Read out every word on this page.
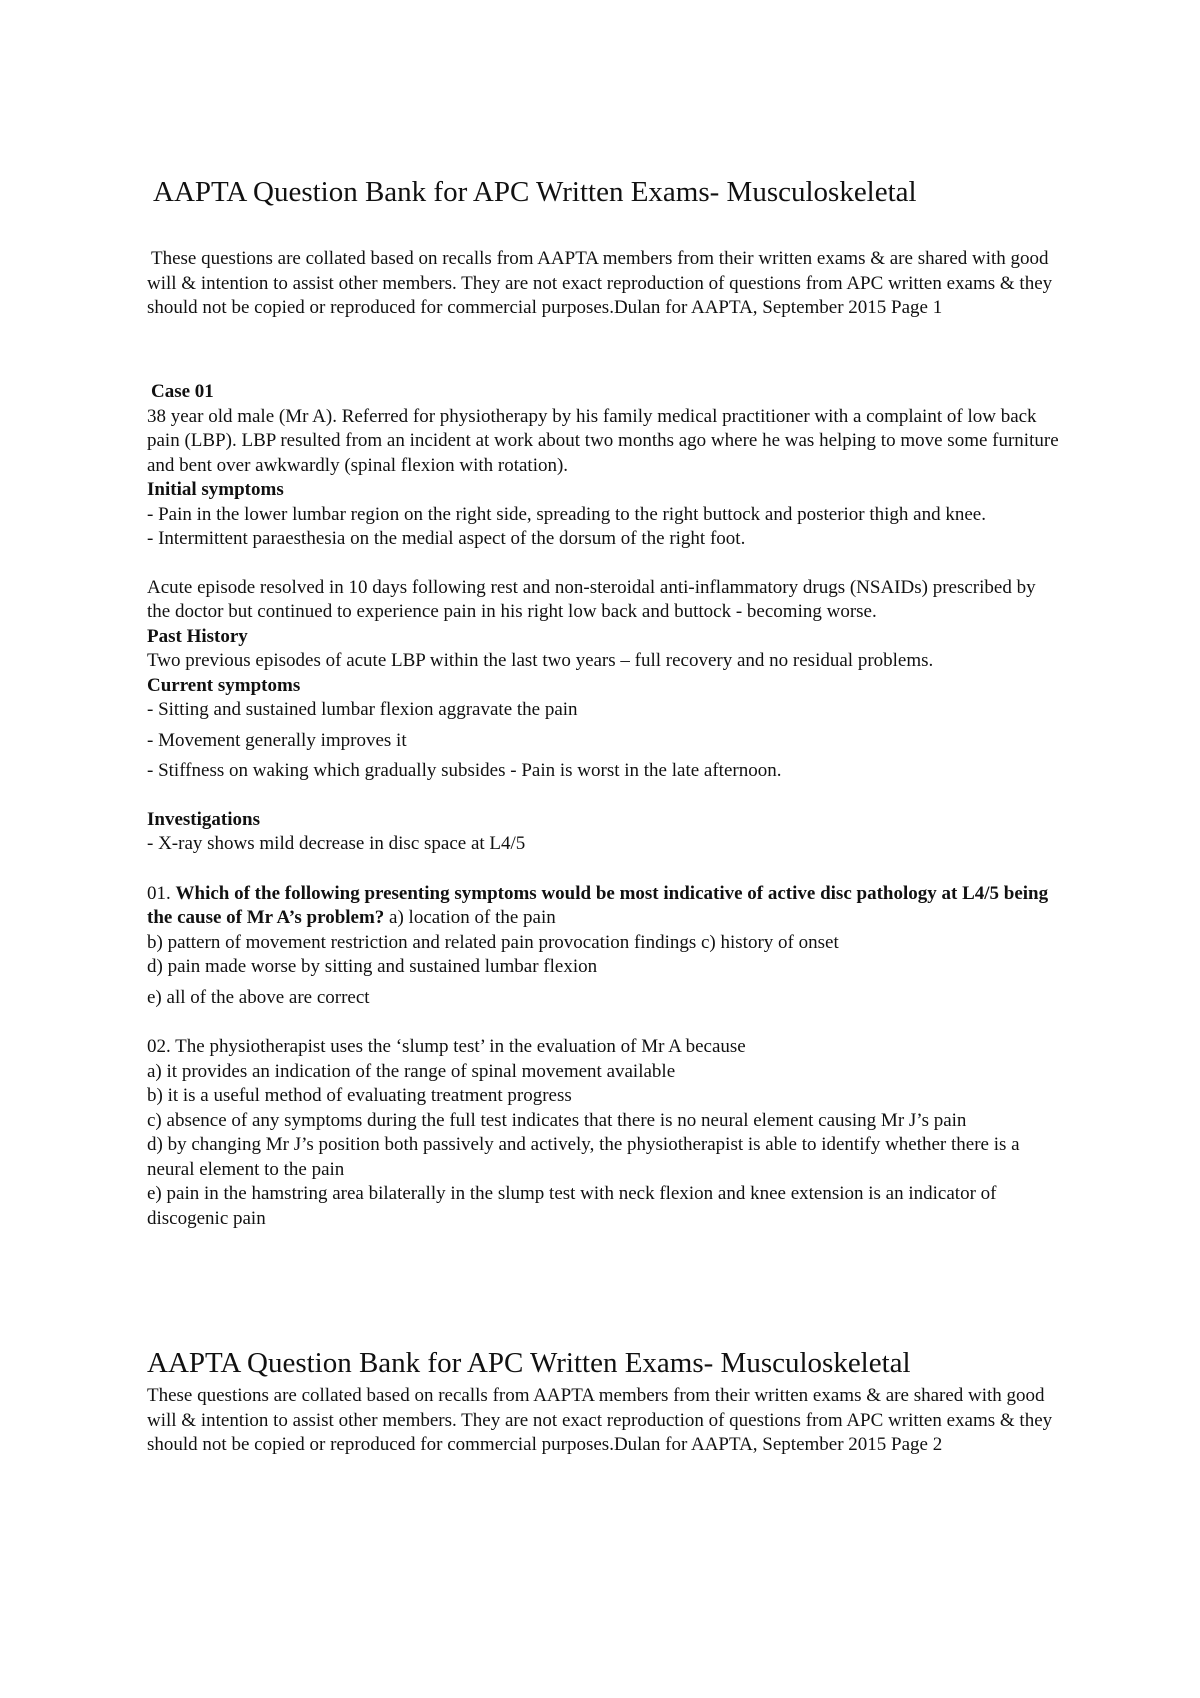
AAPTA Question Bank for APC Written Exams- Musculoskeletal
These questions are collated based on recalls from AAPTA members from their written exams & are shared with good will & intention to assist other members. They are not exact reproduction of questions from APC written exams & they should not be copied or reproduced for commercial purposes.Dulan for AAPTA, September 2015 Page 1

Case 01

38 year old male (Mr A). Referred for physiotherapy by his family medical practitioner with a complaint of low back pain (LBP). LBP resulted from an incident at work about two months ago where he was helping to move some furniture and bent over awkwardly (spinal flexion with rotation).

Initial symptoms

- Pain in the lower lumbar region on the right side, spreading to the right buttock and posterior thigh and knee.

- Intermittent paraesthesia on the medial aspect of the dorsum of the right foot.

Acute episode resolved in 10 days following rest and non-steroidal anti-inflammatory drugs (NSAIDs) prescribed by the doctor but continued to experience pain in his right low back and buttock - becoming worse.

Past History

Two previous episodes of acute LBP within the last two years – full recovery and no residual problems.

Current symptoms

- Sitting and sustained lumbar flexion aggravate the pain

- Movement generally improves it

- Stiffness on waking which gradually subsides - Pain is worst in the late afternoon.

Investigations

- X-ray shows mild decrease in disc space at L4/5

01. Which of the following presenting symptoms would be most indicative of active disc pathology at L4/5 being the cause of Mr A’s problem? a) location of the pain

b) pattern of movement restriction and related pain provocation findings c) history of onset

d) pain made worse by sitting and sustained lumbar flexion

e) all of the above are correct

02. The physiotherapist uses the ‘slump test’ in the evaluation of Mr A because

a) it provides an indication of the range of spinal movement available

b) it is a useful method of evaluating treatment progress

c) absence of any symptoms during the full test indicates that there is no neural element causing Mr J’s pain

d) by changing Mr J’s position both passively and actively, the physiotherapist is able to identify whether there is a neural element to the pain

e) pain in the hamstring area bilaterally in the slump test with neck flexion and knee extension is an indicator of discogenic pain

AAPTA Question Bank for APC Written Exams- Musculoskeletal
These questions are collated based on recalls from AAPTA members from their written exams & are shared with good will & intention to assist other members. They are not exact reproduction of questions from APC written exams & they should not be copied or reproduced for commercial purposes.Dulan for AAPTA, September 2015 Page 2
